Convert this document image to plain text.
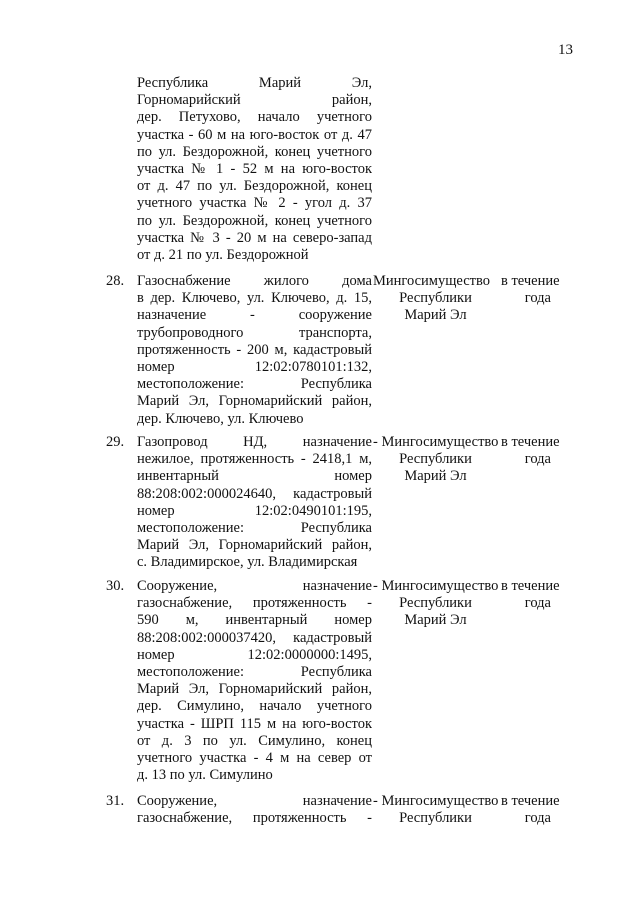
13
Республика Марий Эл,
Горномарийский район,
дер. Петухово, начало учетного
участка - 60 м на юго-восток от д. 47
по ул. Бездорожной, конец учетного
участка № 1 - 52 м на юго-восток
от д. 47 по ул. Бездорожной, конец
учетного участка № 2 - угол д. 37
по ул. Бездорожной, конец учетного
участка № 3 - 20 м на северо-запад
от д. 21 по ул. Бездорожной
28. Газоснабжение жилого дома
в дер. Ключево, ул. Ключево, д. 15,
назначение - сооружение
трубопроводного транспорта,
протяженность - 200 м, кадастровый
номер 12:02:0780101:132,
местоположение: Республика
Марий Эл, Горномарийский район,
дер. Ключево, ул. Ключево
Мингосимущество
Республики
Марий Эл
в течение
года
29. Газопровод НД, назначение
нежилое, протяженность - 2418,1 м,
инвентарный номер
88:208:002:000024640, кадастровый
номер 12:02:0490101:195,
местоположение: Республика
Марий Эл, Горномарийский район,
с. Владимирское, ул. Владимирская
- Мингосимущество
Республики
Марий Эл
в течение
года
30. Сооружение, назначение
газоснабжение, протяженность -
590 м, инвентарный номер
88:208:002:000037420, кадастровый
номер 12:02:0000000:1495,
местоположение: Республика
Марий Эл, Горномарийский район,
дер. Симулино, начало учетного
участка - ШРП 115 м на юго-восток
от д. 3 по ул. Симулино, конец
учетного участка - 4 м на север от
д. 13 по ул. Симулино
- Мингосимущество
Республики
Марий Эл
в течение
года
31. Сооружение, назначение
газоснабжение, протяженность -
- Мингосимущество
Республики
в течение
года
